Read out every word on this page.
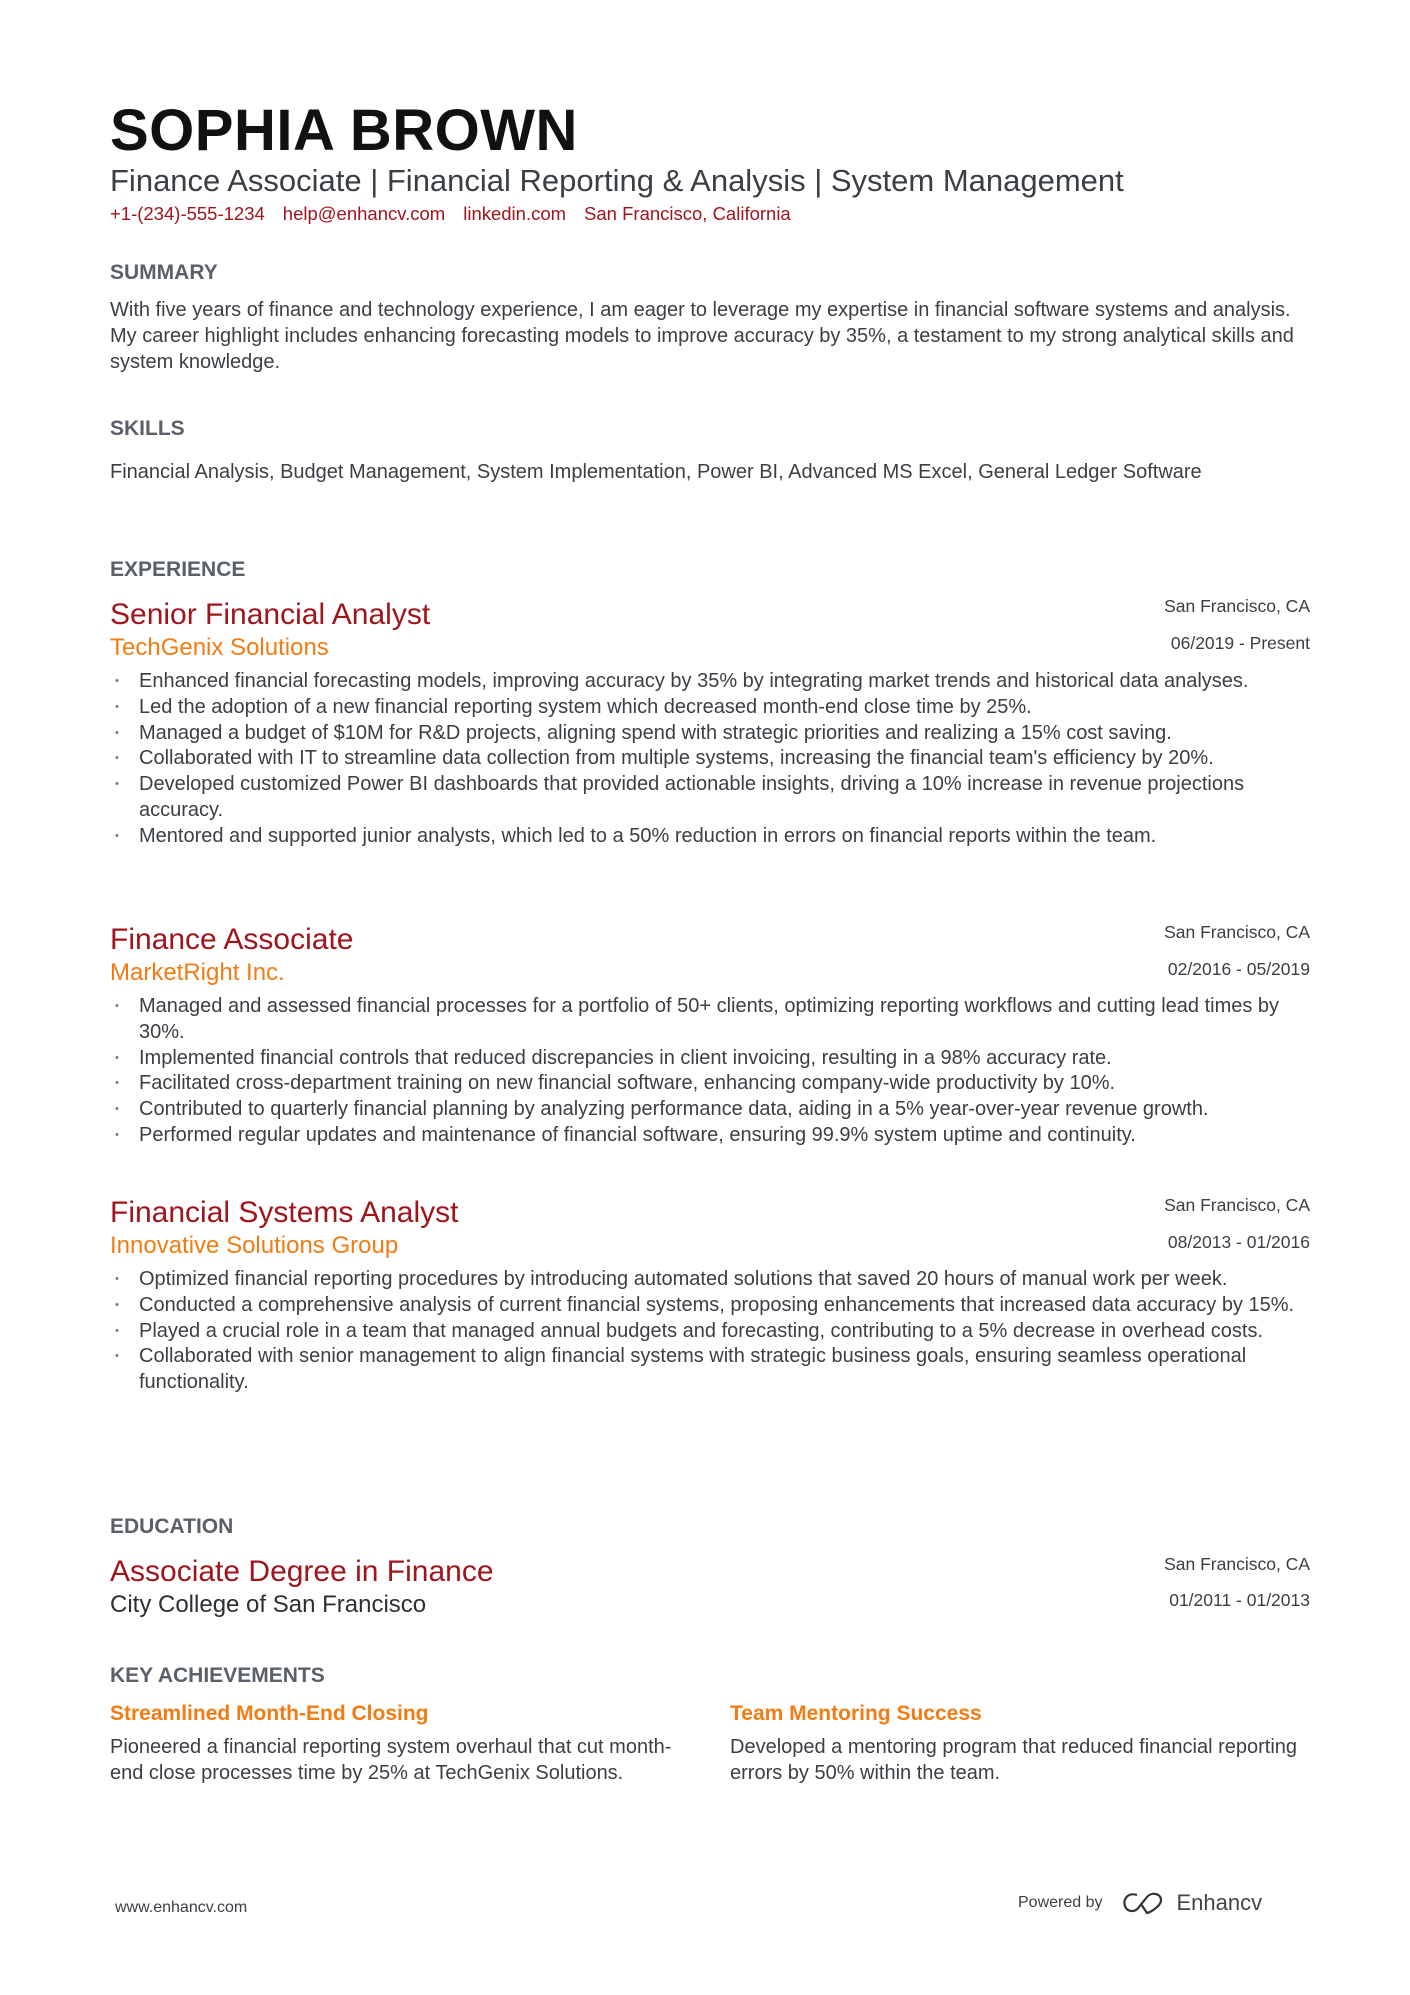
SOPHIA BROWN
Finance Associate | Financial Reporting & Analysis | System Management
+1-(234)-555-1234 help@enhancv.com linkedin.com San Francisco, California
SUMMARY
With five years of finance and technology experience, I am eager to leverage my expertise in financial software systems and analysis. My career highlight includes enhancing forecasting models to improve accuracy by 35%, a testament to my strong analytical skills and system knowledge.
SKILLS
Financial Analysis, Budget Management, System Implementation, Power BI, Advanced MS Excel, General Ledger Software
EXPERIENCE
San Francisco, CA
06/2019 - Present
Senior Financial Analyst
TechGenix Solutions
• Enhanced financial forecasting models, improving accuracy by 35% by integrating market trends and historical data analyses.
• Led the adoption of a new financial reporting system which decreased month-end close time by 25%.
• Managed a budget of $10M for R&D projects, aligning spend with strategic priorities and realizing a 15% cost saving.
• Collaborated with IT to streamline data collection from multiple systems, increasing the financial team's efficiency by 20%.
• Developed customized Power BI dashboards that provided actionable insights, driving a 10% increase in revenue projections accuracy.
• Mentored and supported junior analysts, which led to a 50% reduction in errors on financial reports within the team.
San Francisco, CA
02/2016 - 05/2019
Finance Associate
MarketRight Inc.
• Managed and assessed financial processes for a portfolio of 50+ clients, optimizing reporting workflows and cutting lead times by 30%.
• Implemented financial controls that reduced discrepancies in client invoicing, resulting in a 98% accuracy rate.
• Facilitated cross-department training on new financial software, enhancing company-wide productivity by 10%.
• Contributed to quarterly financial planning by analyzing performance data, aiding in a 5% year-over-year revenue growth.
• Performed regular updates and maintenance of financial software, ensuring 99.9% system uptime and continuity.
San Francisco, CA
08/2013 - 01/2016
Financial Systems Analyst
Innovative Solutions Group
• Optimized financial reporting procedures by introducing automated solutions that saved 20 hours of manual work per week.
• Conducted a comprehensive analysis of current financial systems, proposing enhancements that increased data accuracy by 15%.
• Played a crucial role in a team that managed annual budgets and forecasting, contributing to a 5% decrease in overhead costs.
• Collaborated with senior management to align financial systems with strategic business goals, ensuring seamless operational functionality.
EDUCATION
San Francisco, CA
01/2011 - 01/2013
Associate Degree in Finance
City College of San Francisco
KEY ACHIEVEMENTS
Streamlined Month-End Closing
Pioneered a financial reporting system overhaul that cut month-end close processes time by 25% at TechGenix Solutions.
Team Mentoring Success
Developed a mentoring program that reduced financial reporting errors by 50% within the team.
www.enhancv.com	Powered by	Enhancv
